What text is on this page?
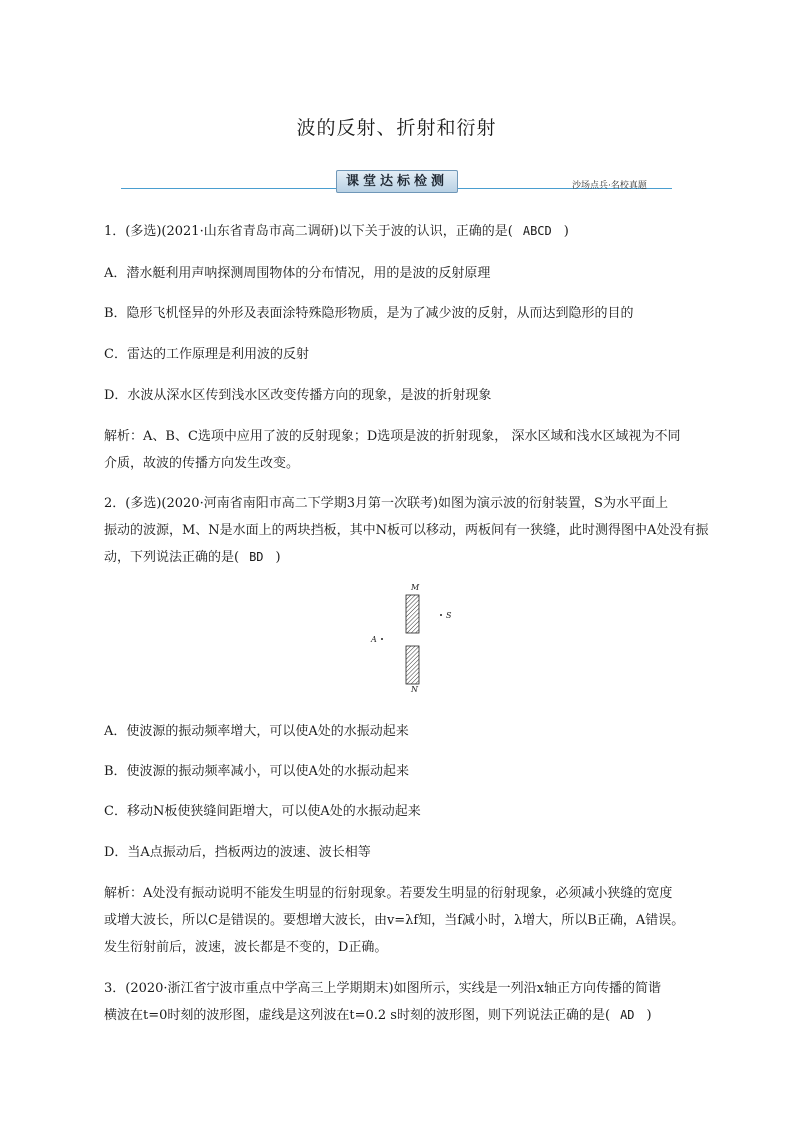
波的反射、折射和衍射
课堂达标检测	沙场点兵·名校真题
1．(多选)(2021·山东省青岛市高二调研)以下关于波的认识，正确的是( ABCD )
A．潜水艇利用声呐探测周围物体的分布情况，用的是波的反射原理
B．隐形飞机怪异的外形及表面涂特殊隐形物质，是为了减少波的反射，从而达到隐形的目的
C．雷达的工作原理是利用波的反射
D．水波从深水区传到浅水区改变传播方向的现象，是波的折射现象
解析：A、B、C选项中应用了波的反射现象；D选项是波的折射现象， 深水区域和浅水区域视为不同
介质，故波的传播方向发生改变。
2．(多选)(2020·河南省南阳市高二下学期3月第一次联考)如图为演示波的衍射装置，S为水平面上
振动的波源，M、N是水面上的两块挡板，其中N板可以移动，两板间有一狭缝，此时测得图中A处没有振
动，下列说法正确的是( BD )
M
N
S
A
A．使波源的振动频率增大，可以使A处的水振动起来
B．使波源的振动频率减小，可以使A处的水振动起来
C．移动N板使狭缝间距增大，可以使A处的水振动起来
D．当A点振动后，挡板两边的波速、波长相等
解析：A处没有振动说明不能发生明显的衍射现象。若要发生明显的衍射现象，必须减小狭缝的宽度
或增大波长，所以C是错误的。要想增大波长，由v=λf知，当f减小时，λ增大，所以B正确，A错误。
发生衍射前后，波速，波长都是不变的，D正确。
3．(2020·浙江省宁波市重点中学高三上学期期末)如图所示，实线是一列沿x轴正方向传播的简谐
横波在t=0时刻的波形图，虚线是这列波在t=0.2 s时刻的波形图，则下列说法正确的是( AD )
